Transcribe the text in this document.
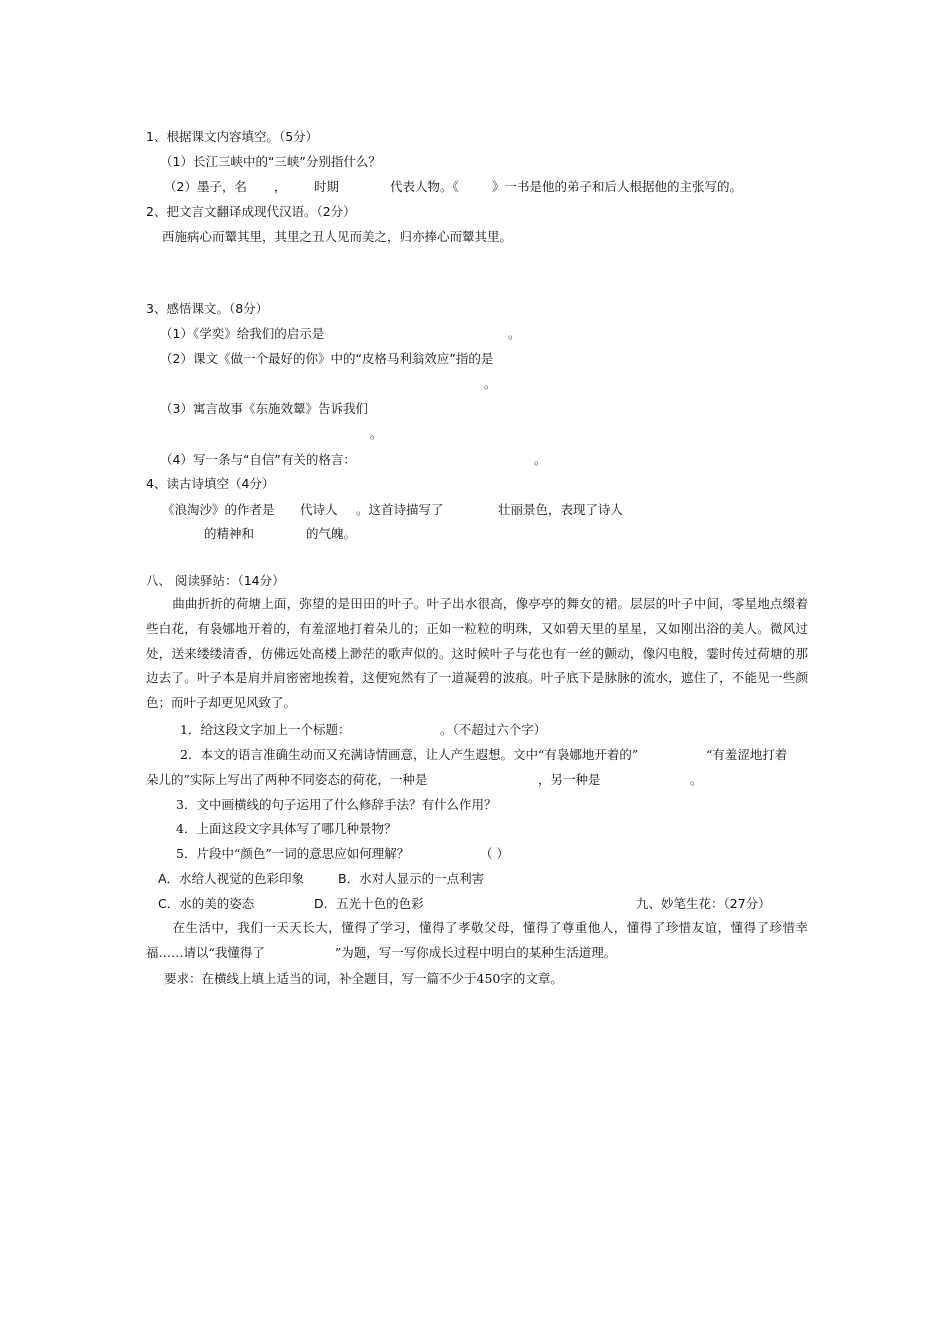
1、根据课文内容填空。（5分）
（1）长江三峡中的“三峡”分别指什么？
（2）墨子，名 ， 时期	代表人物。《	》一书是他的弟子和后人根据他的主张写的。
2、把文言文翻译成现代汉语。（2分）
西施病心而颦其里，其里之丑人见而美之，归亦捧心而颦其里。
3、感悟课文。（8分）
（1）《学奕》给我们的启示是	。
（2）课文《做一个最好的你》中的“皮格马利翁效应”指的是
。
（3）寓言故事《东施效颦》告诉我们
。
（4）写一条与“自信”有关的格言：	。
4、读古诗填空（4分）
《浪淘沙》的作者是 代诗人 。这首诗描写了	壮丽景色，表现了诗人
的精神和	的气魄。
八、 阅读驿站：（14分）

曲曲折折的荷塘上面，弥望的是田田的叶子。叶子出水很高，像亭亭的舞女的裙。层层的叶子中间，零星地点缀着些白花，有袅娜地开着的，有羞涩地打着朵儿的；正如一粒粒的明珠，又如碧天里的星星，又如刚出浴的美人。微风过处，送来缕缕清香，仿佛远处高楼上渺茫的歌声似的。这时候叶子与花也有一丝的颤动，像闪电般，霎时传过荷塘的那边去了。叶子本是肩并肩密密地挨着，这便宛然有了一道凝碧的波痕。叶子底下是脉脉的流水，遮住了，不能见一些颜色；而叶子却更见风致了。

1．给这段文字加上一个标题：	。（不超过六个字）
2．本文的语言准确生动而又充满诗情画意，让人产生遐想。文中“有袅娜地开着的”	“有羞涩地打着
朵儿的”实际上写出了两种不同姿态的荷花，一种是	，另一种是	。
3．文中画横线的句子运用了什么修辞手法？有什么作用？
4．上面这段文字具体写了哪几种景物？
5．片段中“颜色”一词的意思应如何理解？	（ ）
A．水给人视觉的色彩印象	B．水对人显示的一点利害
C．水的美的姿态	D．五光十色的色彩	九、妙笔生花：（27分）

在生活中，我们一天天长大，懂得了学习，懂得了孝敬父母，懂得了尊重他人，懂得了珍惜友谊，懂得了珍惜幸福……请以“我懂得了	”为题，写一写你成长过程中明白的某种生活道理。

要求：在横线上填上适当的词，补全题目，写一篇不少于450字的文章。
